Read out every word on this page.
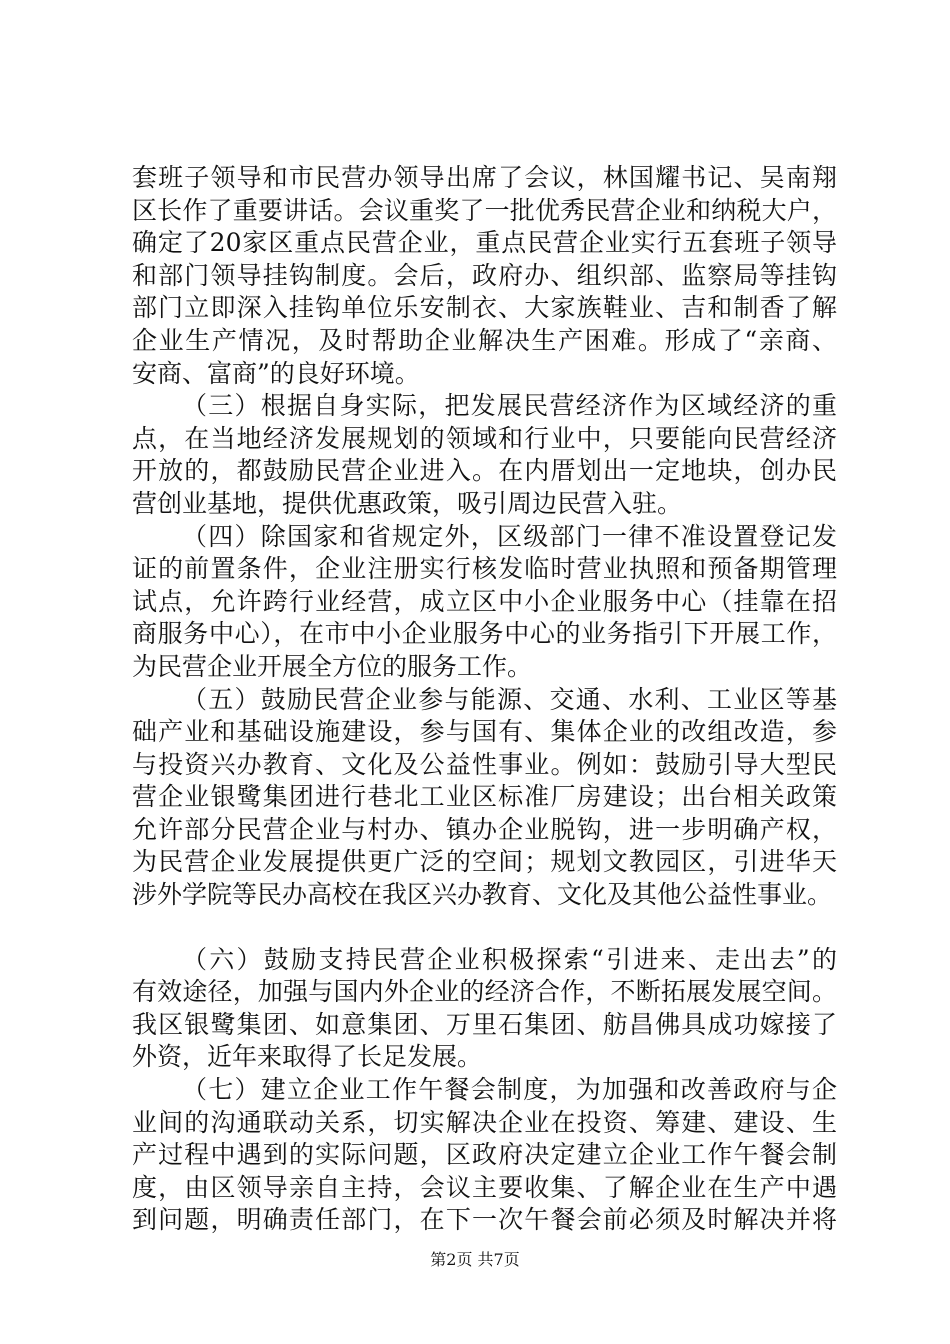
套班子领导和市民营办领导出席了会议，林国耀书记、吴南翔
区长作了重要讲话。会议重奖了一批优秀民营企业和纳税大户，
确定了20家区重点民营企业，重点民营企业实行五套班子领导
和部门领导挂钩制度。会后，政府办、组织部、监察局等挂钩
部门立即深入挂钩单位乐安制衣、大家族鞋业、吉和制香了解
企业生产情况，及时帮助企业解决生产困难。形成了“亲商、
安商、富商”的良好环境。
（三）根据自身实际，把发展民营经济作为区域经济的重
点，在当地经济发展规划的领域和行业中，只要能向民营经济
开放的，都鼓励民营企业进入。在内厝划出一定地块，创办民
营创业基地，提供优惠政策，吸引周边民营入驻。
（四）除国家和省规定外，区级部门一律不准设置登记发
证的前置条件，企业注册实行核发临时营业执照和预备期管理
试点，允许跨行业经营，成立区中小企业服务中心（挂靠在招
商服务中心），在市中小企业服务中心的业务指引下开展工作，
为民营企业开展全方位的服务工作。
（五）鼓励民营企业参与能源、交通、水利、工业区等基
础产业和基础设施建设，参与国有、集体企业的改组改造，参
与投资兴办教育、文化及公益性事业。例如：鼓励引导大型民
营企业银鹭集团进行巷北工业区标准厂房建设；出台相关政策
允许部分民营企业与村办、镇办企业脱钩，进一步明确产权，
为民营企业发展提供更广泛的空间；规划文教园区，引进华天
涉外学院等民办高校在我区兴办教育、文化及其他公益性事业。
（六）鼓励支持民营企业积极探索“引进来、走出去”的
有效途径，加强与国内外企业的经济合作，不断拓展发展空间。
我区银鹭集团、如意集团、万里石集团、舫昌佛具成功嫁接了
外资，近年来取得了长足发展。
（七）建立企业工作午餐会制度，为加强和改善政府与企
业间的沟通联动关系，切实解决企业在投资、筹建、建设、生
产过程中遇到的实际问题，区政府决定建立企业工作午餐会制
度，由区领导亲自主持，会议主要收集、了解企业在生产中遇
到问题，明确责任部门，在下一次午餐会前必须及时解决并将
第2页 共7页
